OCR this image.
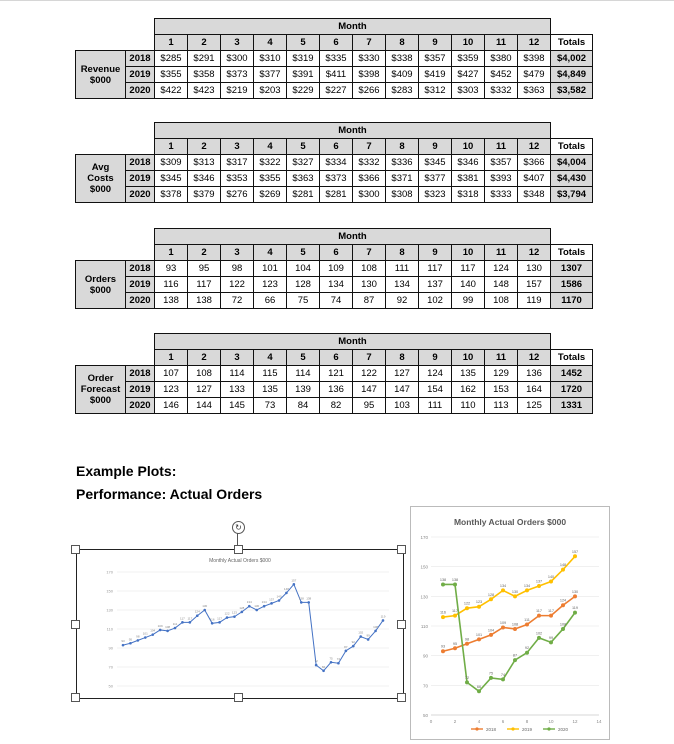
		Month												
		1	2	3	4	5	6	7	8	9	10	11	12	Totals

Revenue
$000	2018	$285	$291	$300	$310	$319	$335	$330	$338	$357	$359	$380	$398	$4,002
	2019	$355	$358	$373	$377	$391	$411	$398	$409	$419	$427	$452	$479	$4,849
	2020	$422	$423	$219	$203	$229	$227	$266	$283	$312	$303	$332	$363	$3,582
		Month												
		1	2	3	4	5	6	7	8	9	10	11	12	Totals

Avg
Costs
$000	2018	$309	$313	$317	$322	$327	$334	$332	$336	$345	$346	$357	$366	$4,004
	2019	$345	$346	$353	$355	$363	$373	$366	$371	$377	$381	$393	$407	$4,430
	2020	$378	$379	$276	$269	$281	$281	$300	$308	$323	$318	$333	$348	$3,794
		Month												
		1	2	3	4	5	6	7	8	9	10	11	12	Totals

Orders
$000	2018	93	95	98	101	104	109	108	111	117	117	124	130	1307
	2019	116	117	122	123	128	134	130	134	137	140	148	157	1586
	2020	138	138	72	66	75	74	87	92	102	99	108	119	1170
		Month												
		1	2	3	4	5	6	7	8	9	10	11	12	Totals

Order
Forecast
$000	2018	107	108	114	115	114	121	122	127	124	135	129	136	1452
	2019	123	127	133	135	139	136	147	147	154	162	153	164	1720
	2020	146	144	145	73	84	82	95	103	111	110	113	125	1331
Example Plots:
Performance: Actual Orders
↻
Monthly Actual Orders $000
170
150
130
110
90
70
50
93 95
98
101
104
109 108
111
117 117
124
130
116 117
122 123
128
134
130
134
137
140
148
157
138 138
72
66
75 74
87
92
102
99
108
119
Monthly Actual Orders $000
170
150
130
110
90
70
50
0	2	4	6	8	10	12	14
93
95
98
101
104
109 108
111
117 117
124
130
116 117
122 123
128
134
130
134
137
140
148
157
138 138
72
66
75 74
87
92
102
99
108
119
2018	2019	2020
